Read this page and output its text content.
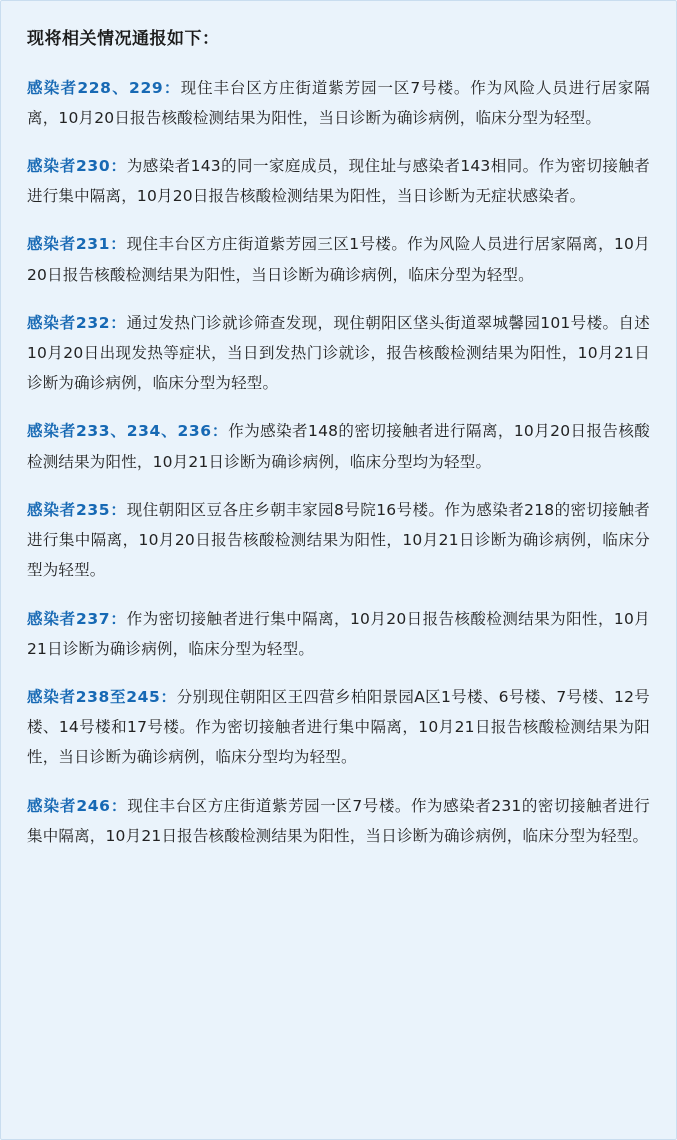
现将相关情况通报如下：
感染者228、229：现住丰台区方庄街道紫芳园一区7号楼。作为风险人员进行居家隔离，10月20日报告核酸检测结果为阳性，当日诊断为确诊病例，临床分型为轻型。
感染者230：为感染者143的同一家庭成员，现住址与感染者143相同。作为密切接触者进行集中隔离，10月20日报告核酸检测结果为阳性，当日诊断为无症状感染者。
感染者231：现住丰台区方庄街道紫芳园三区1号楼。作为风险人员进行居家隔离，10月20日报告核酸检测结果为阳性，当日诊断为确诊病例，临床分型为轻型。
感染者232：通过发热门诊就诊筛查发现，现住朝阳区垡头街道翠城馨园101号楼。自述10月20日出现发热等症状，当日到发热门诊就诊，报告核酸检测结果为阳性，10月21日诊断为确诊病例，临床分型为轻型。
感染者233、234、236：作为感染者148的密切接触者进行隔离，10月20日报告核酸检测结果为阳性，10月21日诊断为确诊病例，临床分型均为轻型。
感染者235：现住朝阳区豆各庄乡朝丰家园8号院16号楼。作为感染者218的密切接触者进行集中隔离，10月20日报告核酸检测结果为阳性，10月21日诊断为确诊病例，临床分型为轻型。
感染者237：作为密切接触者进行集中隔离，10月20日报告核酸检测结果为阳性，10月21日诊断为确诊病例，临床分型为轻型。
感染者238至245：分别现住朝阳区王四营乡柏阳景园A区1号楼、6号楼、7号楼、12号楼、14号楼和17号楼。作为密切接触者进行集中隔离，10月21日报告核酸检测结果为阳性，当日诊断为确诊病例，临床分型均为轻型。
感染者246：现住丰台区方庄街道紫芳园一区7号楼。作为感染者231的密切接触者进行集中隔离，10月21日报告核酸检测结果为阳性，当日诊断为确诊病例，临床分型为轻型。
